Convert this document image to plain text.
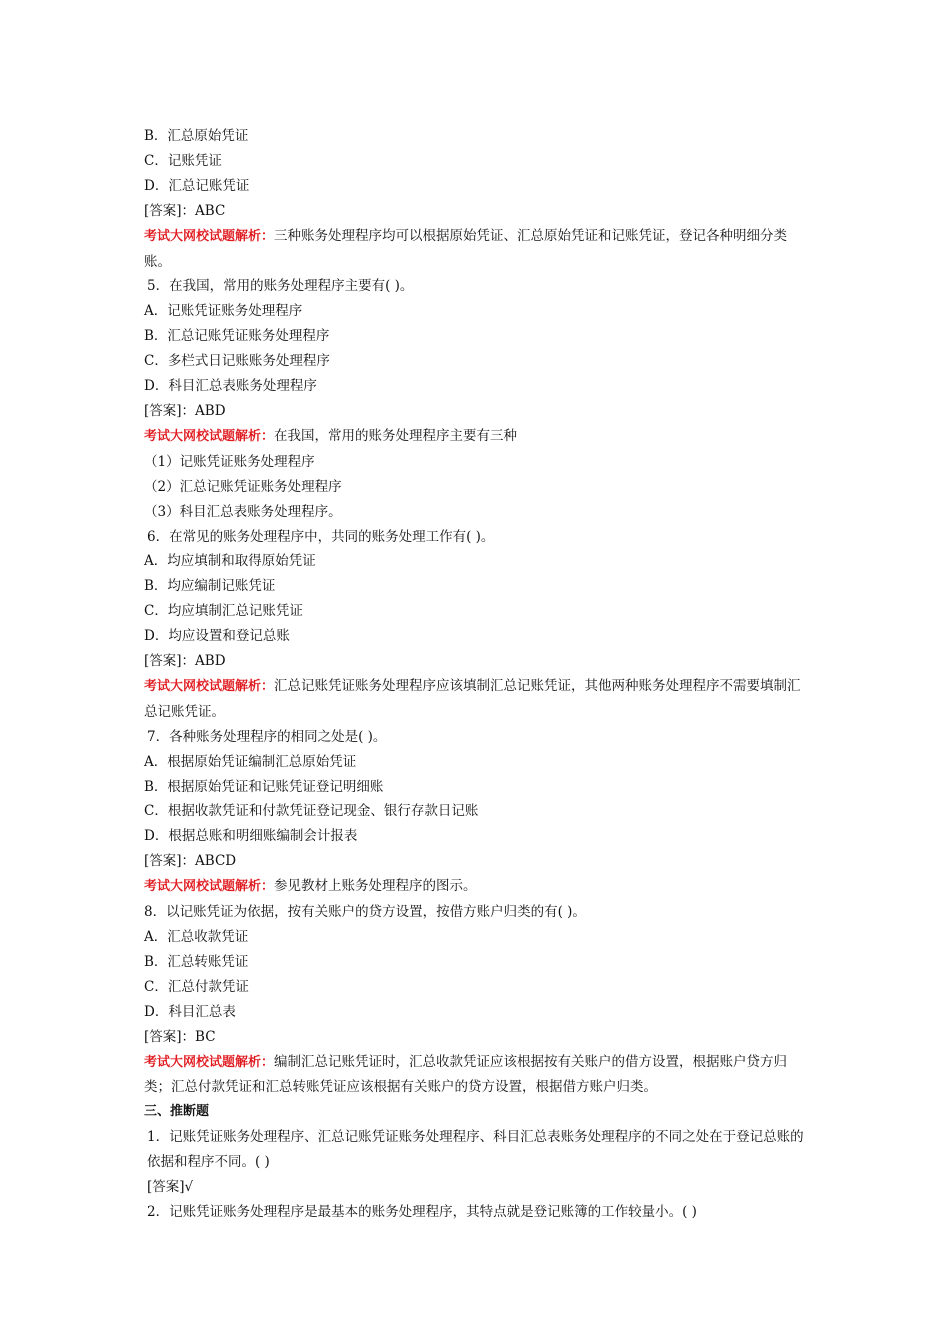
B．汇总原始凭证
C．记账凭证
D．汇总记账凭证
[答案]：ABC
考试大网校试题解析：三种账务处理程序均可以根据原始凭证、汇总原始凭证和记账凭证，登记各种明细分类账。
5．在我国，常用的账务处理程序主要有( )。
A．记账凭证账务处理程序
B．汇总记账凭证账务处理程序
C．多栏式日记账账务处理程序
D．科目汇总表账务处理程序
[答案]：ABD
考试大网校试题解析：在我国，常用的账务处理程序主要有三种
（1）记账凭证账务处理程序
（2）汇总记账凭证账务处理程序
（3）科目汇总表账务处理程序。
6．在常见的账务处理程序中，共同的账务处理工作有( )。
A．均应填制和取得原始凭证
B．均应编制记账凭证
C．均应填制汇总记账凭证
D．均应设置和登记总账
[答案]：ABD
考试大网校试题解析：汇总记账凭证账务处理程序应该填制汇总记账凭证，其他两种账务处理程序不需要填制汇总记账凭证。
7．各种账务处理程序的相同之处是( )。
A．根据原始凭证编制汇总原始凭证
B．根据原始凭证和记账凭证登记明细账
C．根据收款凭证和付款凭证登记现金、银行存款日记账
D．根据总账和明细账编制会计报表
[答案]：ABCD
考试大网校试题解析：参见教材上账务处理程序的图示。
8．以记账凭证为依据，按有关账户的贷方设置，按借方账户归类的有( )。
A．汇总收款凭证
B．汇总转账凭证
C．汇总付款凭证
D．科目汇总表
[答案]：BC
考试大网校试题解析：编制汇总记账凭证时，汇总收款凭证应该根据按有关账户的借方设置，根据账户贷方归类；汇总付款凭证和汇总转账凭证应该根据有关账户的贷方设置，根据借方账户归类。
三、推断题
1．记账凭证账务处理程序、汇总记账凭证账务处理程序、科目汇总表账务处理程序的不同之处在于登记总账的依据和程序不同。( )
[答案]√
2．记账凭证账务处理程序是最基本的账务处理程序，其特点就是登记账簿的工作较量小。( )
